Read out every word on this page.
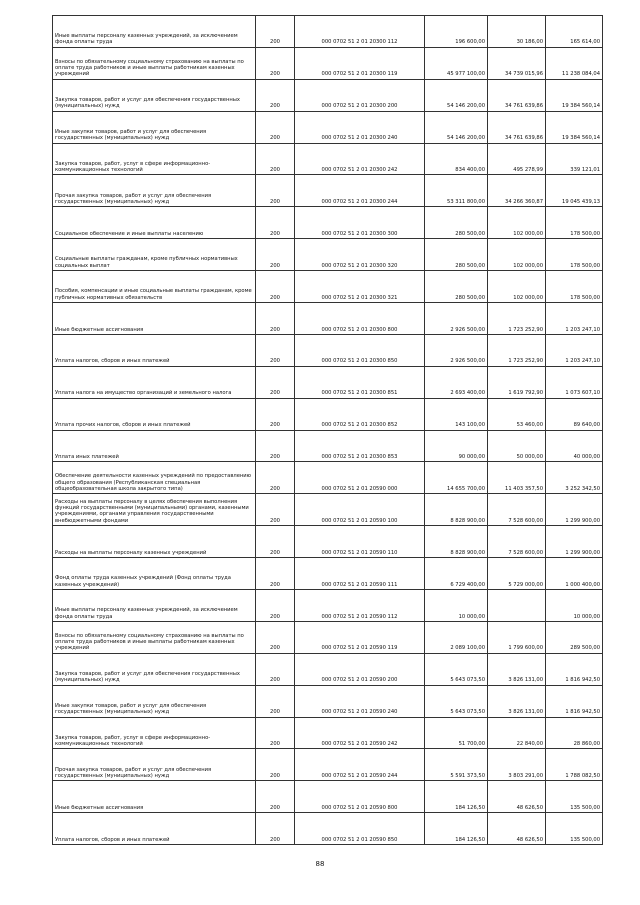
Иные выплаты персоналу казенных учреждений, за исключением фонда оплаты труда	200	000 0702 51 2 01 20300 112	196 600,00	30 186,00	165 614,00
Взносы по обязательному социальному страхованию на выплаты по оплате труда работников и иные выплаты работникам казенных учреждений	200	000 0702 51 2 01 20300 119	45 977 100,00	34 739 015,96	11 238 084,04
Закупка товаров, работ и услуг для обеспечения государственных (муниципальных) нужд	200	000 0702 51 2 01 20300 200	54 146 200,00	34 761 639,86	19 384 560,14
Иные закупки товаров, работ и услуг для обеспечения государственных (муниципальных) нужд	200	000 0702 51 2 01 20300 240	54 146 200,00	34 761 639,86	19 384 560,14
Закупка товаров, работ, услуг в сфере информационно-коммуникационных технологий	200	000 0702 51 2 01 20300 242	834 400,00	495 278,99	339 121,01
Прочая закупка товаров, работ и услуг для обеспечения государственных (муниципальных) нужд	200	000 0702 51 2 01 20300 244	53 311 800,00	34 266 360,87	19 045 439,13
Социальное обеспечение и иные выплаты населению	200	000 0702 51 2 01 20300 300	280 500,00	102 000,00	178 500,00
Социальные выплаты гражданам, кроме публичных нормативных социальных выплат	200	000 0702 51 2 01 20300 320	280 500,00	102 000,00	178 500,00
Пособия, компенсации и иные социальные выплаты гражданам, кроме публичных нормативных обязательств	200	000 0702 51 2 01 20300 321	280 500,00	102 000,00	178 500,00
Иные бюджетные ассигнования	200	000 0702 51 2 01 20300 800	2 926 500,00	1 723 252,90	1 203 247,10
Уплата налогов, сборов и иных платежей	200	000 0702 51 2 01 20300 850	2 926 500,00	1 723 252,90	1 203 247,10
Уплата налога на имущество организаций и земельного налога	200	000 0702 51 2 01 20300 851	2 693 400,00	1 619 792,90	1 073 607,10
Уплата прочих налогов, сборов и иных платежей	200	000 0702 51 2 01 20300 852	143 100,00	53 460,00	89 640,00
Уплата иных платежей	200	000 0702 51 2 01 20300 853	90 000,00	50 000,00	40 000,00
Обеспечение деятельности казенных учреждений по предоставлению общего образования (Республиканская специальная общеобразовательная школа закрытого типа)	200	000 0702 51 2 01 20590 000	14 655 700,00	11 403 357,50	3 252 342,50
Расходы на выплаты персоналу в целях обеспечения выполнения функций государственными (муниципальными) органами, казенными учреждениями, органами управления государственными внебюджетными фондами	200	000 0702 51 2 01 20590 100	8 828 900,00	7 528 600,00	1 299 900,00
Расходы на выплаты персоналу казенных учреждений	200	000 0702 51 2 01 20590 110	8 828 900,00	7 528 600,00	1 299 900,00
Фонд оплаты труда казенных учреждений (Фонд оплаты труда казенных учреждений)	200	000 0702 51 2 01 20590 111	6 729 400,00	5 729 000,00	1 000 400,00
Иные выплаты персоналу казенных учреждений, за исключением фонда оплаты труда	200	000 0702 51 2 01 20590 112	10 000,00		10 000,00
Взносы по обязательному социальному страхованию на выплаты по оплате труда работников и иные выплаты работникам казенных учреждений	200	000 0702 51 2 01 20590 119	2 089 100,00	1 799 600,00	289 500,00
Закупка товаров, работ и услуг для обеспечения государственных (муниципальных) нужд	200	000 0702 51 2 01 20590 200	5 643 073,50	3 826 131,00	1 816 942,50
Иные закупки товаров, работ и услуг для обеспечения государственных (муниципальных) нужд	200	000 0702 51 2 01 20590 240	5 643 073,50	3 826 131,00	1 816 942,50
Закупка товаров, работ, услуг в сфере информационно-коммуникационных технологий	200	000 0702 51 2 01 20590 242	51 700,00	22 840,00	28 860,00
Прочая закупка товаров, работ и услуг для обеспечения государственных (муниципальных) нужд	200	000 0702 51 2 01 20590 244	5 591 373,50	3 803 291,00	1 788 082,50
Иные бюджетные ассигнования	200	000 0702 51 2 01 20590 800	184 126,50	48 626,50	135 500,00
Уплата налогов, сборов и иных платежей	200	000 0702 51 2 01 20590 850	184 126,50	48 626,50	135 500,00
88
